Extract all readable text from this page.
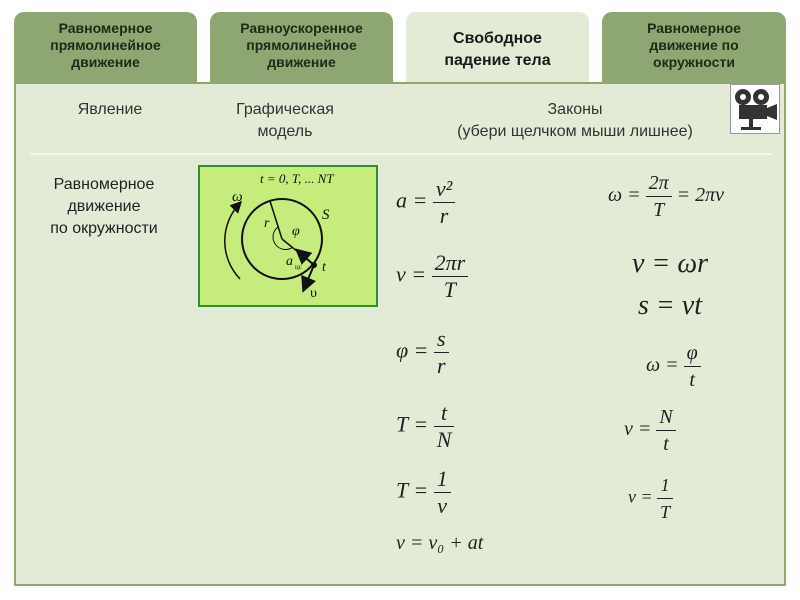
Равномерное
прямолинейное
движение
Равноускоренное
прямолинейное
движение
Свободное
падение тела
Равномерное
движение по
окружности
Явление	Графическая
модель
Законы
(убери щелчком мыши лишнее)
Равномерное
движение
по окружности
t = 0, T, ... NT
ω
r
φ
S
a цс t
υ
$a = \frac{\text{v²}}{r}$
$v = \frac{2\pi r}{T}$
$\varphi = \frac{s}{r}$
$T = \frac{t}{N}$
$T = \frac{1}{\nu}$
v = v₀ + at
$\omega = \frac{2\pi}{T} = 2\pi\nu$
v = ωr
s = vt
$\omega = \frac{\varphi}{t}$
$\nu = \frac{N}{t}$
$\nu = \frac{1}{T}$
